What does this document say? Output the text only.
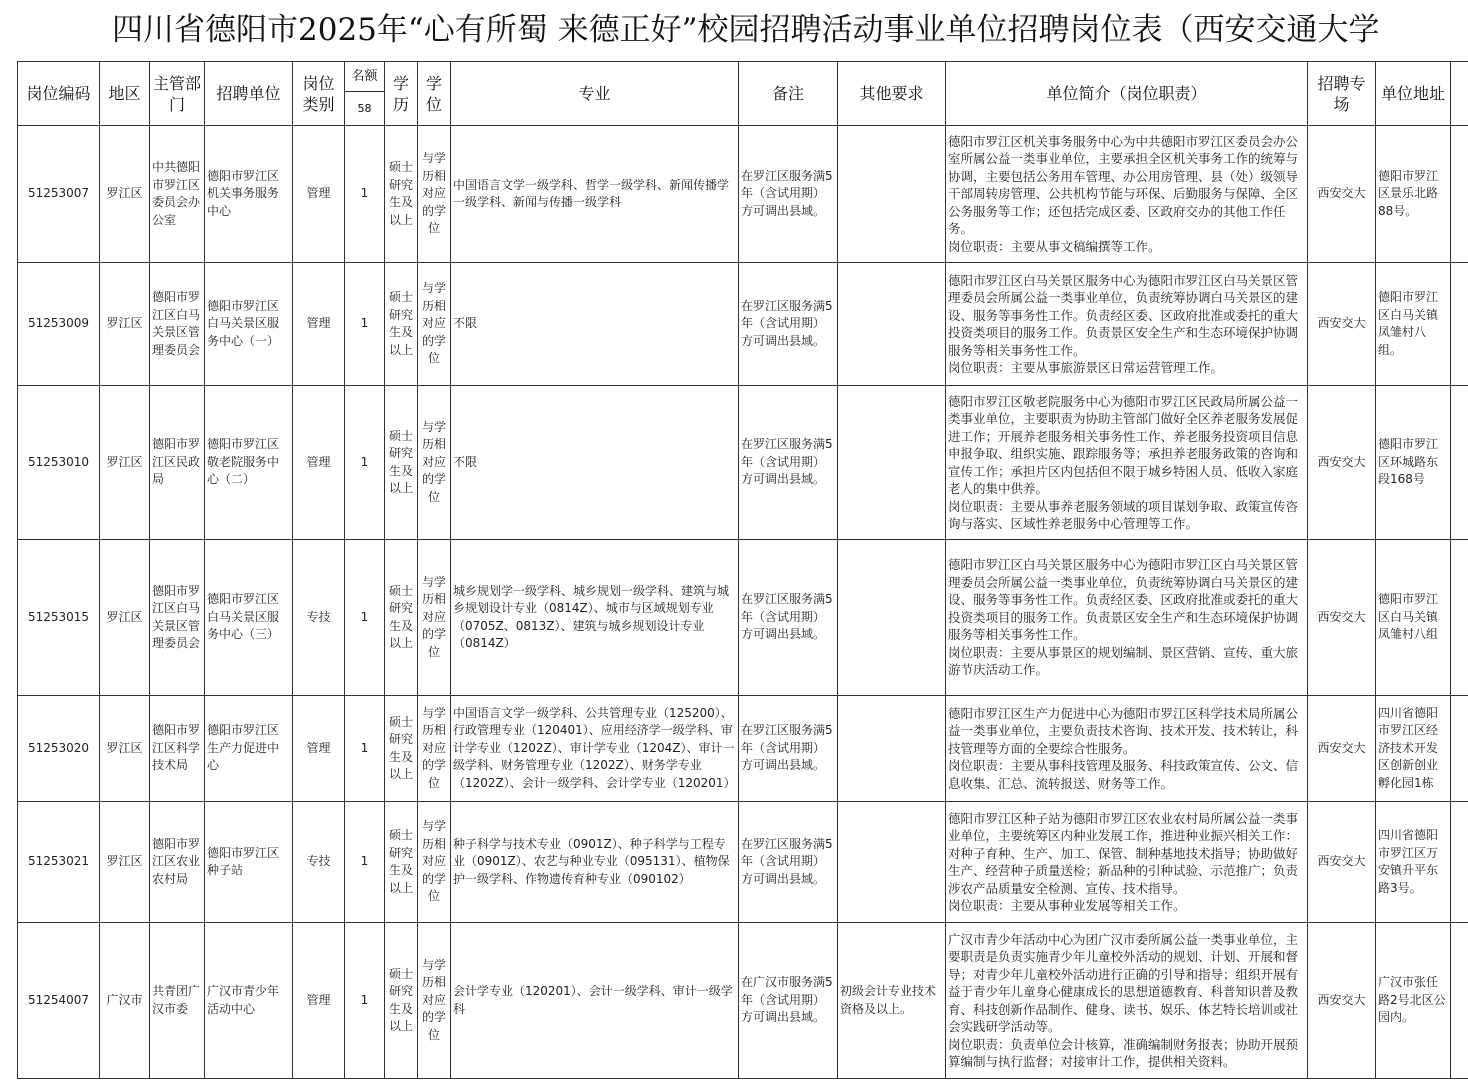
四川省德阳市2025年“心有所蜀 来德正好”校园招聘活动事业单位招聘岗位表（西安交通大学
岗位编码	地区	主管部门	招聘单位	岗位类别	名额
58	学历	学位	专业	备注	其他要求	单位简介（岗位职责）	招聘专场	单位地址	

51253007	罗江区	中共德阳市罗江区委员会办公室	德阳市罗江区机关事务服务中心	管理	1	硕士研究生及以上	与学历相对应的学位	中国语言文学一级学科、哲学一级学科、新闻传播学一级学科、新闻与传播一级学科	在罗江区服务满5年（含试用期）方可调出县域。		德阳市罗江区机关事务服务中心为中共德阳市罗江区委员会办公室所属公益一类事业单位，主要承担全区机关事务工作的统筹与协调，主要包括公务用车管理、办公用房管理、县（处）级领导干部周转房管理、公共机构节能与环保、后勤服务与保障、全区公务服务等工作；还包括完成区委、区政府交办的其他工作任务。
岗位职责：主要从事文稿编撰等工作。	西安交大	德阳市罗江区景乐北路88号。	

51253009	罗江区	德阳市罗江区白马关景区管理委员会	德阳市罗江区白马关景区服务中心（一）	管理	1	硕士研究生及以上	与学历相对应的学位	不限	在罗江区服务满5年（含试用期）方可调出县域。		德阳市罗江区白马关景区服务中心为德阳市罗江区白马关景区管理委员会所属公益一类事业单位，负责统筹协调白马关景区的建设、服务等事务性工作。负责经区委、区政府批准或委托的重大投资类项目的服务工作。负责景区安全生产和生态环境保护协调服务等相关事务性工作。
岗位职责：主要从事旅游景区日常运营管理工作。	西安交大	德阳市罗江区白马关镇凤雏村八组。	

51253010	罗江区	德阳市罗江区民政局	德阳市罗江区敬老院服务中心（二）	管理	1	硕士研究生及以上	与学历相对应的学位	不限	在罗江区服务满5年（含试用期）方可调出县域。		德阳市罗江区敬老院服务中心为德阳市罗江区民政局所属公益一类事业单位，主要职责为协助主管部门做好全区养老服务发展促进工作；开展养老服务相关事务性工作、养老服务投资项目信息申报争取、组织实施、跟踪服务等；承担养老服务政策的咨询和宣传工作；承担片区内包括但不限于城乡特困人员、低收入家庭老人的集中供养。
岗位职责：主要从事养老服务领域的项目谋划争取、政策宣传咨询与落实、区域性养老服务中心管理等工作。	西安交大	德阳市罗江区环城路东段168号	

51253015	罗江区	德阳市罗江区白马关景区管理委员会	德阳市罗江区白马关景区服务中心（三）	专技	1	硕士研究生及以上	与学历相对应的学位	城乡规划学一级学科、城乡规划一级学科、建筑与城乡规划设计专业（0814Z）、城市与区域规划专业（0705Z、0813Z）、建筑与城乡规划设计专业（0814Z）	在罗江区服务满5年（含试用期）方可调出县域。		德阳市罗江区白马关景区服务中心为德阳市罗江区白马关景区管理委员会所属公益一类事业单位，负责统筹协调白马关景区的建设、服务等事务性工作。负责经区委、区政府批准或委托的重大投资类项目的服务工作。负责景区安全生产和生态环境保护协调服务等相关事务性工作。
岗位职责：主要从事景区的规划编制、景区营销、宣传、重大旅游节庆活动工作。	西安交大	德阳市罗江区白马关镇凤雏村八组	

51253020	罗江区	德阳市罗江区科学技术局	德阳市罗江区生产力促进中心	管理	1	硕士研究生及以上	与学历相对应的学位	中国语言文学一级学科、公共管理专业（125200）、行政管理专业（120401）、应用经济学一级学科、审计学专业（1202Z）、审计学专业（1204Z）、审计一级学科、财务管理专业（1202Z）、财务学专业（1202Z）、会计一级学科、会计学专业（120201）	在罗江区服务满5年（含试用期）方可调出县域。		德阳市罗江区生产力促进中心为德阳市罗江区科学技术局所属公益一类事业单位，主要负责技术咨询、技术开发、技术转让，科技管理等方面的全要综合性服务。
岗位职责：主要从事科技管理及服务、科技政策宣传、公文、信息收集、汇总、流转报送、财务等工作。	西安交大	四川省德阳市罗江区经济技术开发区创新创业孵化园1栋	

51253021	罗江区	德阳市罗江区农业农村局	德阳市罗江区种子站	专技	1	硕士研究生及以上	与学历相对应的学位	种子科学与技术专业（0901Z）、种子科学与工程专业（0901Z）、农艺与种业专业（095131）、植物保护一级学科、作物遗传育种专业（090102）	在罗江区服务满5年（含试用期）方可调出县域。		德阳市罗江区种子站为德阳市罗江区农业农村局所属公益一类事业单位，主要统筹区内种业发展工作，推进种业振兴相关工作：对种子育种、生产、加工、保管、制种基地技术指导；协助做好生产、经营种子质量送检；新品种的引种试验、示范推广；负责涉农产品质量安全检测、宣传、技术指导。
岗位职责：主要从事种业发展等相关工作。	西安交大	四川省德阳市罗江区万安镇升平东路3号。	

51254007	广汉市	共青团广汉市委	广汉市青少年活动中心	管理	1	硕士研究生及以上	与学历相对应的学位	会计学专业（120201）、会计一级学科、审计一级学科	在广汉市服务满5年（含试用期）方可调出县域。	初级会计专业技术资格及以上。	广汉市青少年活动中心为团广汉市委所属公益一类事业单位，主要职责是负责实施青少年儿童校外活动的规划、计划、开展和督导；对青少年儿童校外活动进行正确的引导和指导；组织开展有益于青少年儿童身心健康成长的思想道德教育、科普知识普及教育、科技创新作品制作、健身、读书、娱乐、体艺特长培训或社会实践研学活动等。
岗位职责：负责单位会计核算，准确编制财务报表；协助开展预算编制与执行监督；对接审计工作，提供相关资料。	西安交大	广汉市张任路2号北区公园内。	
